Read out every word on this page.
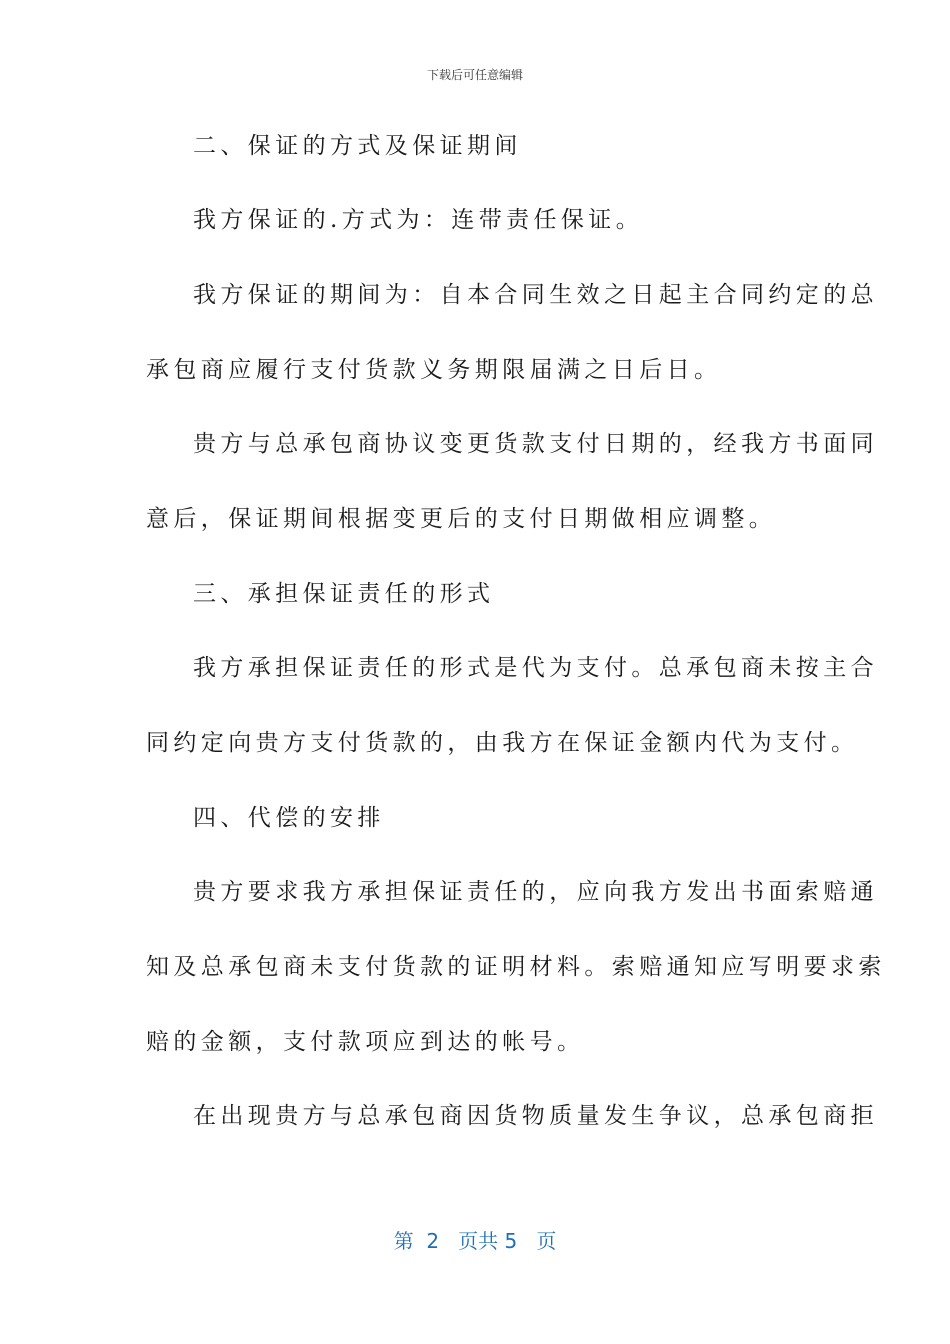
下载后可任意编辑
二、保证的方式及保证期间
我方保证的.方式为：连带责任保证。
我方保证的期间为：自本合同生效之日起主合同约定的总
承包商应履行支付货款义务期限届满之日后日。
贵方与总承包商协议变更货款支付日期的，经我方书面同
意后，保证期间根据变更后的支付日期做相应调整。
三、承担保证责任的形式
我方承担保证责任的形式是代为支付。总承包商未按主合
同约定向贵方支付货款的，由我方在保证金额内代为支付。
四、代偿的安排
贵方要求我方承担保证责任的，应向我方发出书面索赔通
知及总承包商未支付货款的证明材料。索赔通知应写明要求索
赔的金额，支付款项应到达的帐号。
在出现贵方与总承包商因货物质量发生争议，总承包商拒
第 2 页共 5 页
